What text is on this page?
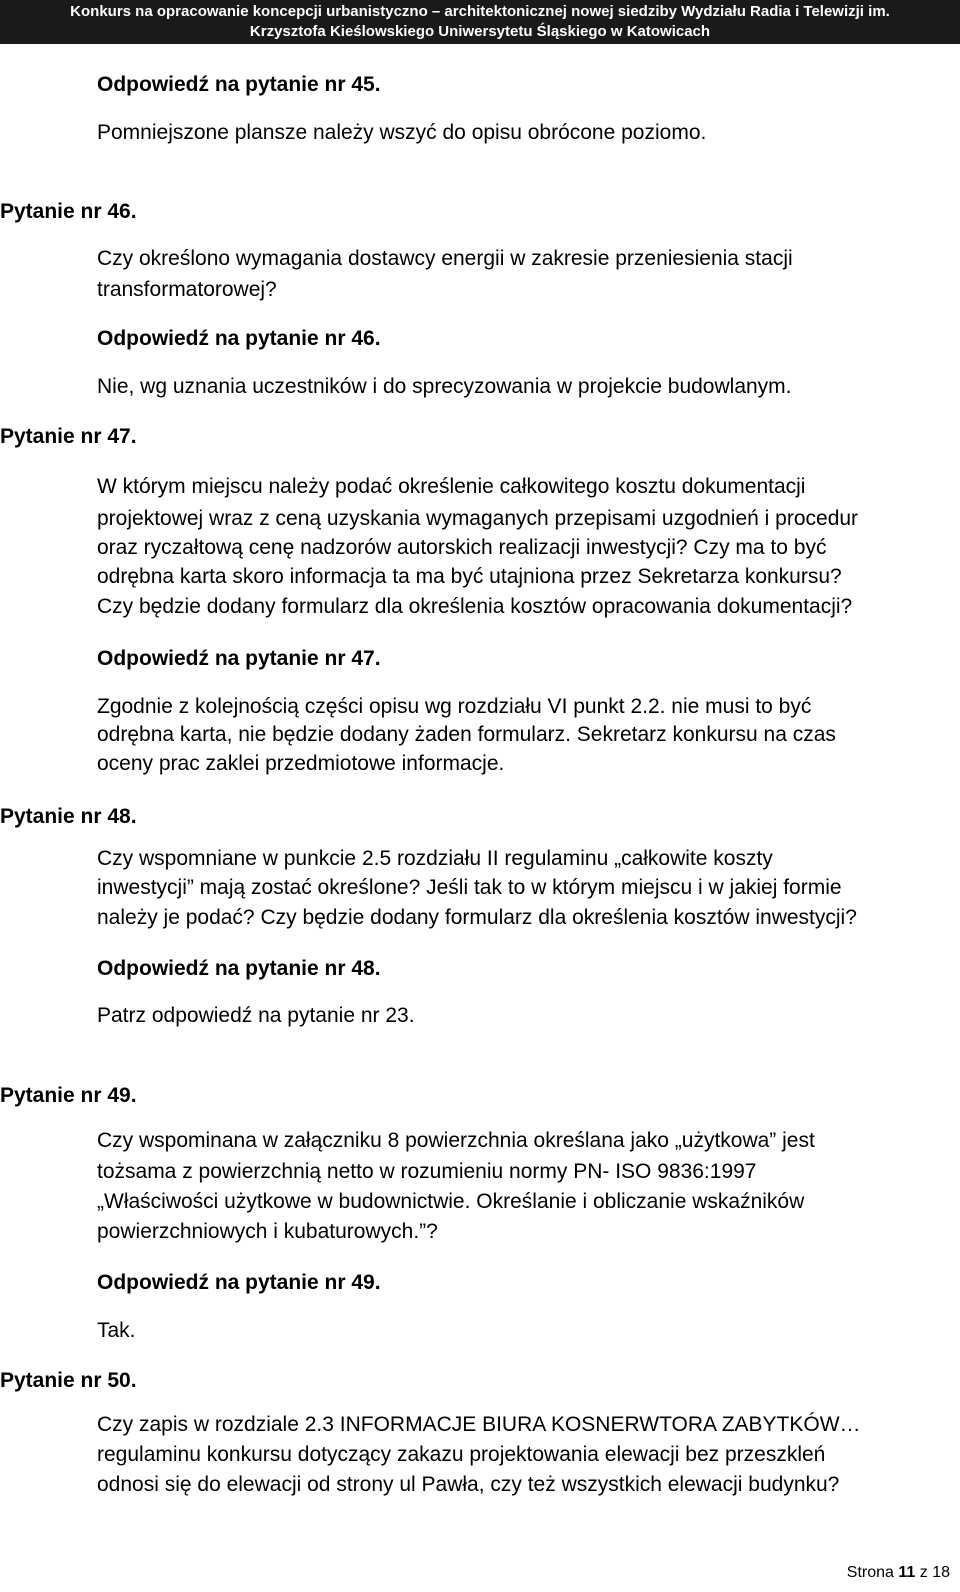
Konkurs na opracowanie koncepcji urbanistyczno – architektonicznej nowej siedziby Wydziału Radia i Telewizji im.
Krzysztofa Kieślowskiego Uniwersytetu Śląskiego w Katowicach
Odpowiedź na pytanie nr 45.
Pomniejszone plansze należy wszyć do opisu obrócone poziomo.
Pytanie nr 46.
Czy określono wymagania dostawcy energii w zakresie przeniesienia stacji
transformatorowej?
Odpowiedź na pytanie nr 46.
Nie, wg uznania uczestników i do sprecyzowania w projekcie budowlanym.
Pytanie nr 47.
W którym miejscu należy podać określenie całkowitego kosztu dokumentacji
projektowej wraz z ceną uzyskania wymaganych przepisami uzgodnień i procedur
oraz ryczałtową cenę nadzorów autorskich realizacji inwestycji? Czy ma to być
odrębna karta skoro informacja ta ma być utajniona przez Sekretarza konkursu?
Czy będzie dodany formularz dla określenia kosztów opracowania dokumentacji?
Odpowiedź na pytanie nr 47.
Zgodnie z kolejnością części opisu wg rozdziału VI punkt 2.2. nie musi to być
odrębna karta, nie będzie dodany żaden formularz. Sekretarz konkursu na czas
oceny prac zaklei przedmiotowe informacje.
Pytanie nr 48.
Czy wspomniane w punkcie 2.5 rozdziału II regulaminu „całkowite koszty
inwestycji” mają zostać określone? Jeśli tak to w którym miejscu i w jakiej formie
należy je podać? Czy będzie dodany formularz dla określenia kosztów inwestycji?
Odpowiedź na pytanie nr 48.
Patrz odpowiedź na pytanie nr 23.
Pytanie nr 49.
Czy wspominana w załączniku 8 powierzchnia określana jako „użytkowa” jest
tożsama z powierzchnią netto w rozumieniu normy PN- ISO 9836:1997
„Właściwości użytkowe w budownictwie. Określanie i obliczanie wskaźników
powierzchniowych i kubaturowych.”?
Odpowiedź na pytanie nr 49.
Tak.
Pytanie nr 50.
Czy zapis w rozdziale 2.3 INFORMACJE BIURA KOSNERWTORA ZABYTKÓW…
regulaminu konkursu dotyczący zakazu projektowania elewacji bez przeszkleń
odnosi się do elewacji od strony ul Pawła, czy też wszystkich elewacji budynku?
Strona 11 z 18
